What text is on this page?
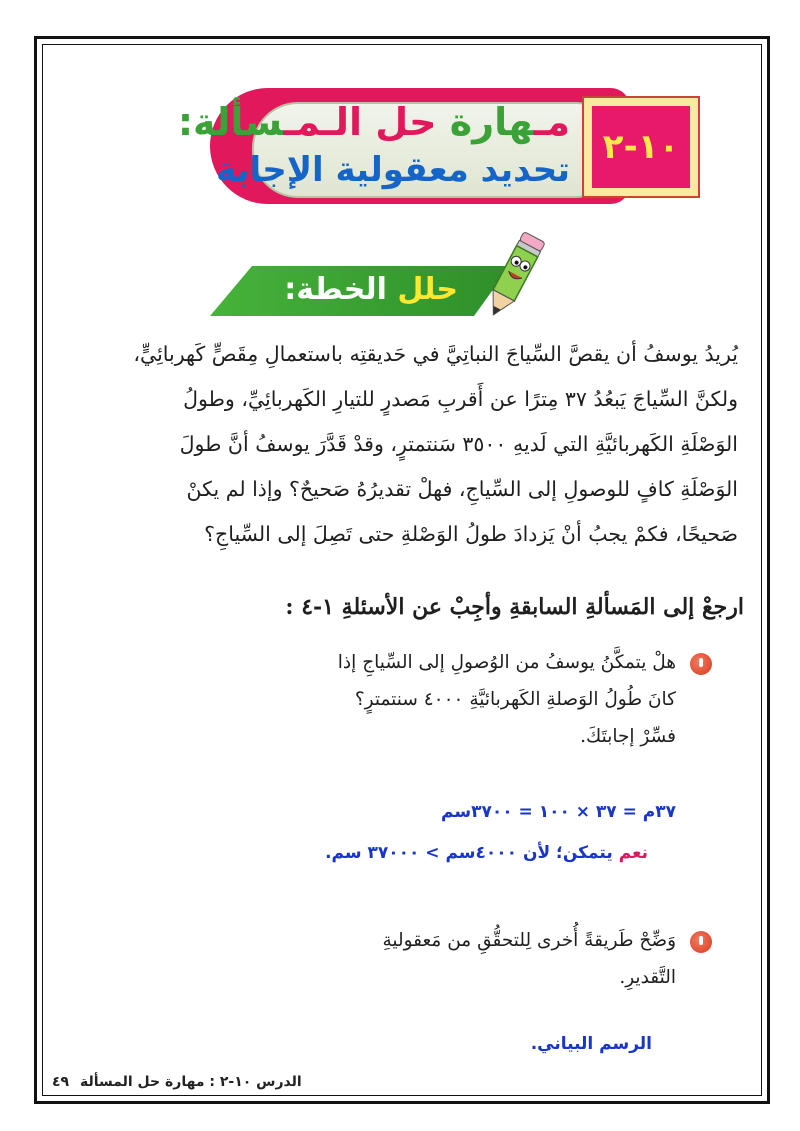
مـهارة حل الـمـسألة:
تحديد معقولية الإجابة
١٠-٢
حلل الخطة:
يُريدُ يوسفُ أن يقصَّ السِّياجَ النباتِيَّ في حَديقتِه باستعمالِ مِقَصٍّ كَهربائِيٍّ،
ولكنَّ السِّياجَ يَبعُدُ ٣٧ مِترًا عن أَقربِ مَصدرٍ للتيارِ الكَهربائِيِّ، وطولُ
الوَصْلَةِ الكَهربائيَّةِ التي لَديهِ ٣٥٠٠ سَنتمترٍ، وقدْ قَدَّرَ يوسفُ أنَّ طولَ
الوَصْلَةِ كافٍ للوصولِ إلى السِّياجِ، فهلْ تقديرُهُ صَحيحٌ؟ وإذا لم يكنْ
صَحيحًا، فكمْ يجبُ أنْ يَزدادَ طولُ الوَصْلةِ حتى تَصِلَ إلى السِّياجِ؟
ارجعْ إلى المَسألةِ السابقةِ وأجِبْ عن الأسئلةِ ١-٤ :
هلْ يتمكَّنُ يوسفُ من الوُصولِ إلى السِّياجِ إذا
كانَ طُولُ الوَصلةِ الكَهربائيَّةِ ٤٠٠٠ سنتمترٍ؟
فسِّرْ إجابتَكَ.
٣٧م = ٣٧ × ١٠٠ = ٣٧٠٠سم
نعم يتمكن؛ لأن ٤٠٠٠سم > ٣٧٠٠٠ سم.
وَضِّحْ طَريقةً أُخرى لِلتحقُّقِ من مَعقوليةِ
التَّقديرِ.
الرسم البياني.
الدرس ١٠-٢ : مهارة حل المسألة ٤٩
